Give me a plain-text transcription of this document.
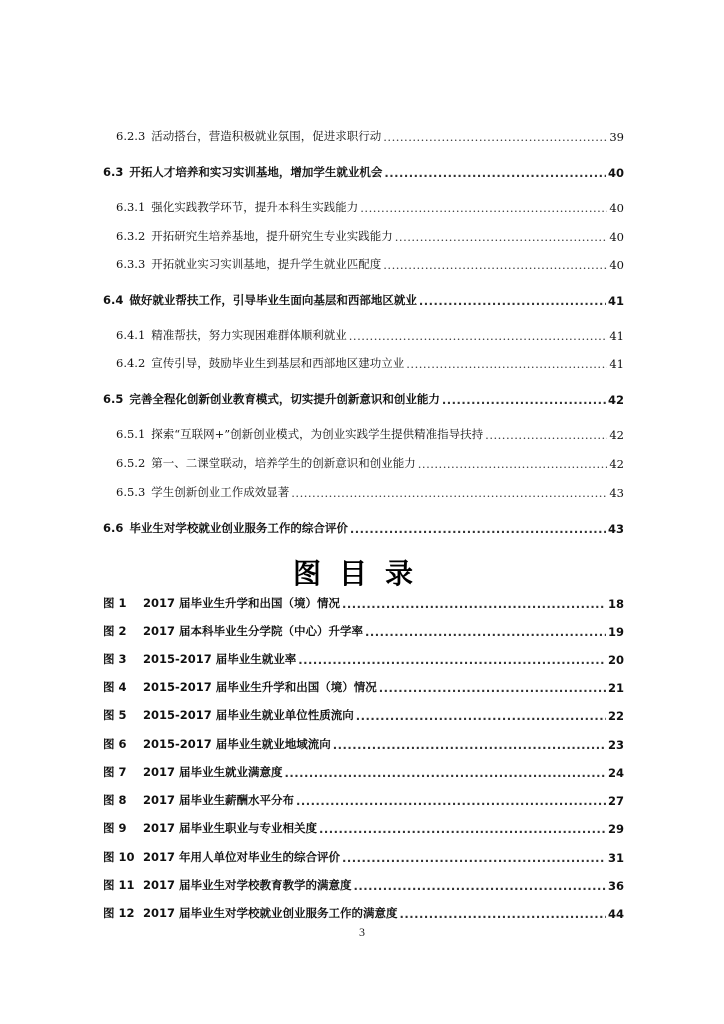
6.2.3 活动搭台，营造积极就业氛围，促进求职行动 .....	39
6.3 开拓人才培养和实习实训基地，增加学生就业机会 .....	40
6.3.1 强化实践教学环节，提升本科生实践能力 .....	40
6.3.2 开拓研究生培养基地，提升研究生专业实践能力 .....	40
6.3.3 开拓就业实习实训基地，提升学生就业匹配度 .....	40
6.4 做好就业帮扶工作，引导毕业生面向基层和西部地区就业 .....	41
6.4.1 精准帮扶，努力实现困难群体顺利就业 .....	41
6.4.2 宣传引导，鼓励毕业生到基层和西部地区建功立业 .....	41
6.5 完善全程化创新创业教育模式，切实提升创新意识和创业能力 .....	42
6.5.1 探索“互联网+”创新创业模式，为创业实践学生提供精准指导扶持 .....	42
6.5.2 第一、二课堂联动，培养学生的创新意识和创业能力 .....	42
6.5.3 学生创新创业工作成效显著 .....	43
6.6 毕业生对学校就业创业服务工作的综合评价 .....	43
图目录
图 1 2017 届毕业生升学和出国（境）情况 .....	18
图 2 2017 届本科毕业生分学院（中心）升学率 .....	19
图 3 2015-2017 届毕业生就业率 .....	20
图 4 2015-2017 届毕业生升学和出国（境）情况 .....	21
图 5 2015-2017 届毕业生就业单位性质流向 .....	22
图 6 2015-2017 届毕业生就业地域流向 .....	23
图 7 2017 届毕业生就业满意度 .....	24
图 8 2017 届毕业生薪酬水平分布 .....	27
图 9 2017 届毕业生职业与专业相关度 .....	29
图 10 2017 年用人单位对毕业生的综合评价 .....	31
图 11 2017 届毕业生对学校教育教学的满意度 .....	36
图 12 2017 届毕业生对学校就业创业服务工作的满意度 .....	44
3
